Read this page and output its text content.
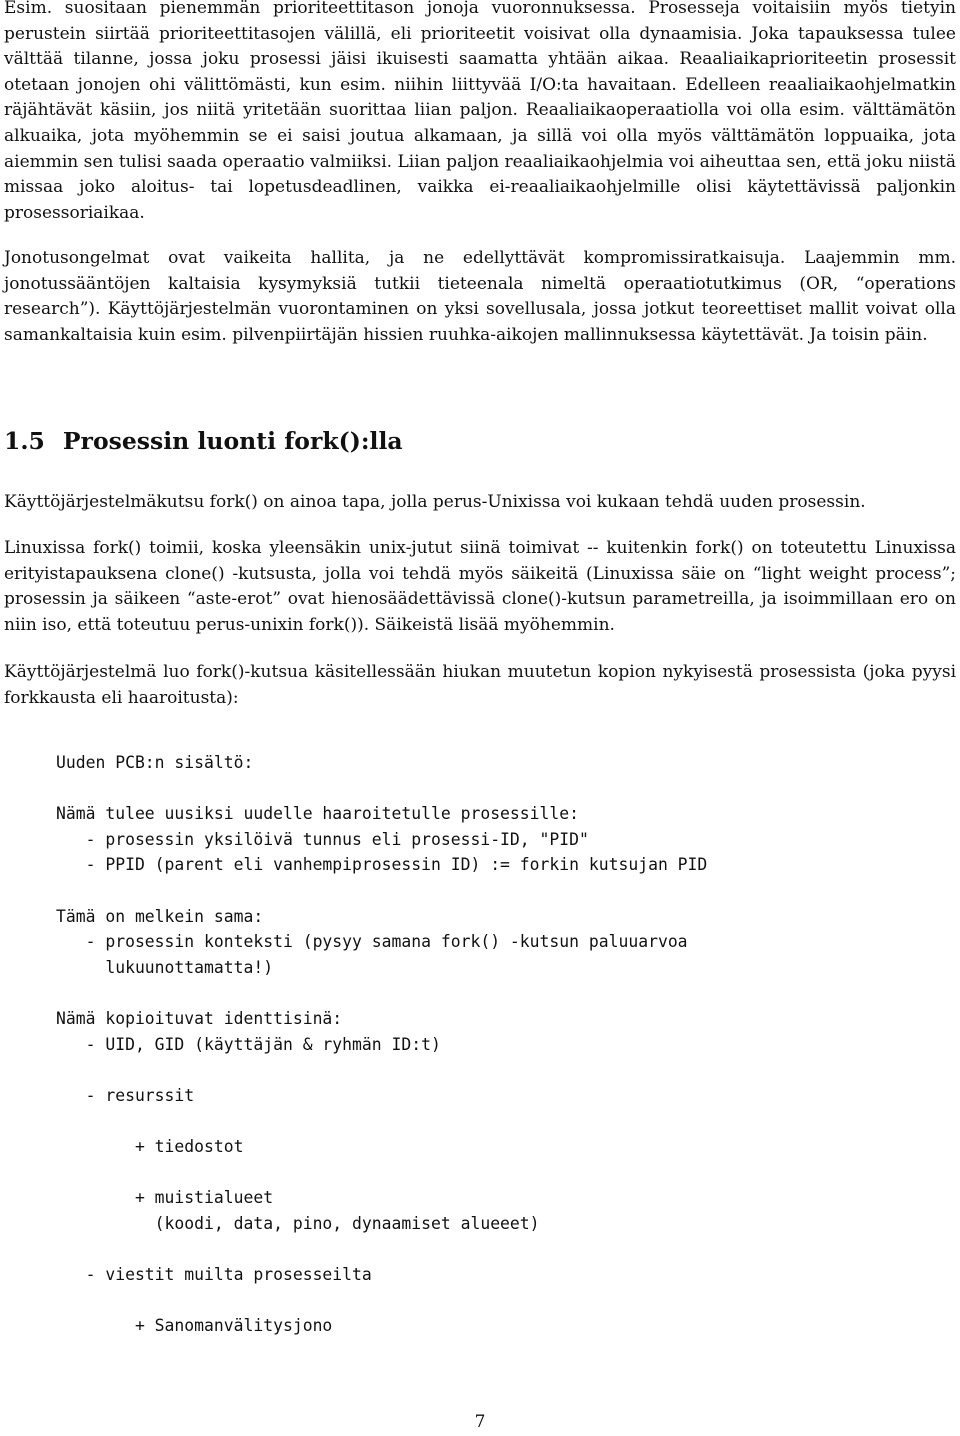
Esim. suositaan pienemmän prioriteettitason jonoja vuoronnuksessa. Prosesseja voitaisiin myös tietyin perustein siirtää prioriteettitasojen välillä, eli prioriteetit voisivat olla dynaamisia. Joka tapauksessa tulee välttää tilanne, jossa joku prosessi jäisi ikuisesti saamatta yhtään aikaa. Reaaliaikaprioriteetin prosessit otetaan jonojen ohi välittömästi, kun esim. niihin liittyvää I/O:ta havaitaan. Edelleen reaaliaikaohjelmatkin räjähtävät käsiin, jos niitä yritetään suorittaa liian paljon. Reaaliaikaoperaatiolla voi olla esim. välttämätön alkuaika, jota myöhemmin se ei saisi joutua alkamaan, ja sillä voi olla myös välttämätön loppuaika, jota aiemmin sen tulisi saada operaatio valmiiksi. Liian paljon reaaliaikaohjelmia voi aiheuttaa sen, että joku niistä missaa joko aloitus- tai lopetusdeadlinen, vaikka ei-reaaliaikaohjelmille olisi käytettävissä paljonkin prosessoriaikaa.

Jonotusongelmat ovat vaikeita hallita, ja ne edellyttävät kompromissiratkaisuja. Laajemmin mm. jonotussääntöjen kaltaisia kysymyksiä tutkii tieteenala nimeltä operaatiotutkimus (OR, “operations research”). Käyttöjärjestelmän vuorontaminen on yksi sovellusala, jossa jotkut teoreettiset mallit voivat olla samankaltaisia kuin esim. pilvenpiirtäjän hissien ruuhka-aikojen mallinnuksessa käytettävät. Ja toisin päin.

1.5 Prosessin luonti fork():lla

Käyttöjärjestelmäkutsu fork() on ainoa tapa, jolla perus-Unixissa voi kukaan tehdä uuden prosessin.

Linuxissa fork() toimii, koska yleensäkin unix-jutut siinä toimivat -- kuitenkin fork() on toteutettu Linuxissa erityistapauksena clone() -kutsusta, jolla voi tehdä myös säikeitä (Linuxissa säie on “light weight process”; prosessin ja säikeen “aste-erot” ovat hienosäädettävissä clone()-kutsun parametreilla, ja isoimmillaan ero on niin iso, että toteutuu perus-unixin fork()). Säikeistä lisää myöhemmin.

Käyttöjärjestelmä luo fork()-kutsua käsitellessään hiukan muutetun kopion nykyisestä prosessista (joka pyysi forkkausta eli haaroitusta):

Uuden PCB:n sisältö:
Nämä tulee uusiksi uudelle haaroitetulle prosessille:
- prosessin yksilöivä tunnus eli prosessi-ID, "PID"
- PPID (parent eli vanhempiprosessin ID) := forkin kutsujan PID
Tämä on melkein sama:
- prosessin konteksti (pysyy samana fork() -kutsun paluuarvoa
lukuunottamatta!)
Nämä kopioituvat identtisinä:
- UID, GID (käyttäjän & ryhmän ID:t)
- resurssit
+ tiedostot
+ muistialueet
(koodi, data, pino, dynaamiset alueeet)
- viestit muilta prosesseilta
+ Sanomanvälitysjono
7
